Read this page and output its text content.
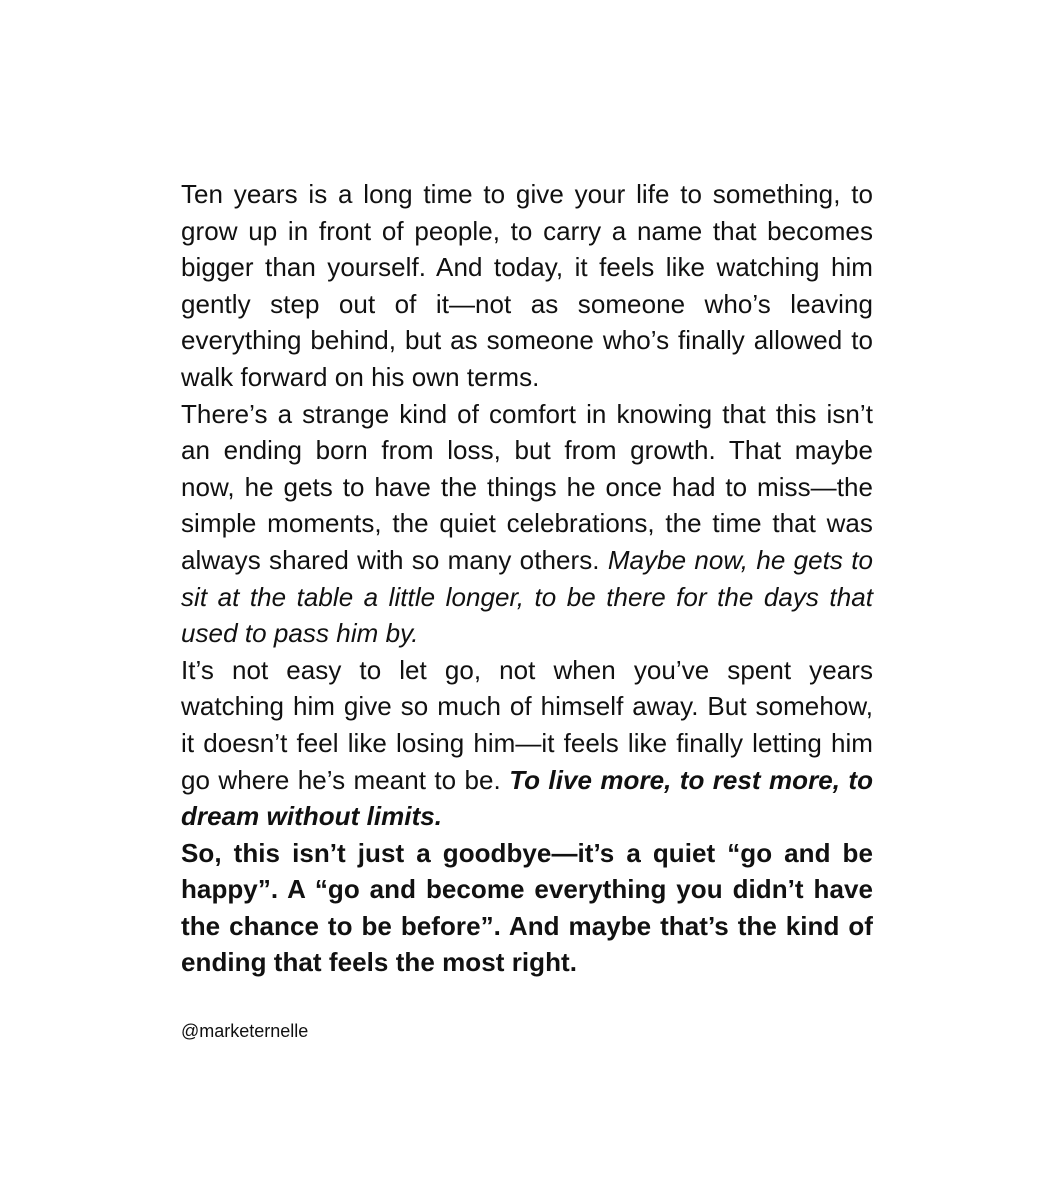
Ten years is a long time to give your life to something, to grow up in front of people, to carry a name that becomes bigger than yourself. And today, it feels like watching him gently step out of it—not as someone who’s leaving everything behind, but as someone who’s finally allowed to walk forward on his own terms.

There’s a strange kind of comfort in knowing that this isn’t an ending born from loss, but from growth. That maybe now, he gets to have the things he once had to miss—the simple moments, the quiet celebrations, the time that was always shared with so many others. Maybe now, he gets to sit at the table a little longer, to be there for the days that used to pass him by.

It’s not easy to let go, not when you’ve spent years watching him give so much of himself away. But somehow, it doesn’t feel like losing him—it feels like finally letting him go where he’s meant to be. To live more, to rest more, to dream without limits.

So, this isn’t just a goodbye—it’s a quiet “go and be happy”. A “go and become everything you didn’t have the chance to be before”. And maybe that’s the kind of ending that feels the most right.

@marketernelle
